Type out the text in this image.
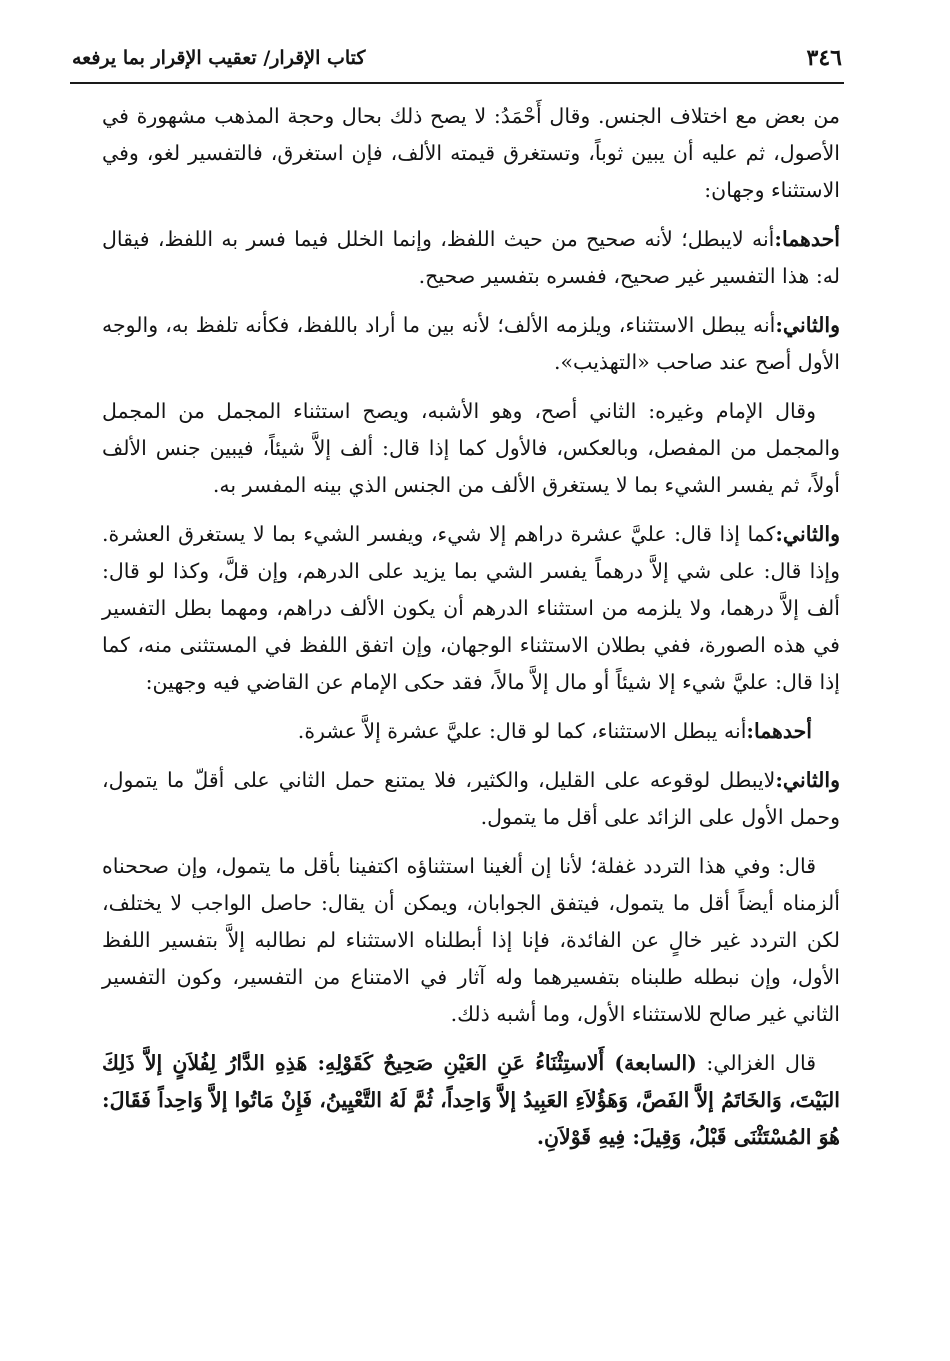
كتاب الإقرار/ تعقيب الإقرار بما يرفعه	٣٤٦

من بعض مع اختلاف الجنس. وقال أَحْمَدُ: لا يصح ذلك بحال وحجة المذهب مشهورة في الأصول، ثم عليه أن يبين ثوباً، وتستغرق قيمته الألف، فإن استغرق، فالتفسير لغو، وفي الاستثناء وجهان:

أحدهما:أنه لايبطل؛ لأنه صحيح من حيث اللفظ، وإنما الخلل فيما فسر به اللفظ، فيقال له: هذا التفسير غير صحيح، ففسره بتفسير صحيح.

والثاني:أنه يبطل الاستثناء، ويلزمه الألف؛ لأنه بين ما أراد باللفظ، فكأنه تلفظ به، والوجه الأول أصح عند صاحب «التهذيب».

وقال الإمام وغيره: الثاني أصح، وهو الأشبه، ويصح استثناء المجمل من المجمل والمجمل من المفصل، وبالعكس، فالأول كما إذا قال: ألف إلاَّ شيئاً، فيبين جنس الألف أولاً، ثم يفسر الشيء بما لا يستغرق الألف من الجنس الذي بينه المفسر به.

والثاني:كما إذا قال: عليَّ عشرة دراهم إلا شيء، ويفسر الشيء بما لا يستغرق العشرة. وإذا قال: على شي إلاَّ درهماً يفسر الشي بما يزيد على الدرهم، وإن قلَّ، وكذا لو قال: ألف إلاَّ درهما، ولا يلزمه من استثناء الدرهم أن يكون الألف دراهم، ومهما بطل التفسير في هذه الصورة، ففي بطلان الاستثناء الوجهان، وإن اتفق اللفظ في المستثنى منه، كما إذا قال: عليَّ شيء إلا شيئاً أو مال إلاَّ مالاً، فقد حكى الإمام عن القاضي فيه وجهين:

أحدهما:أنه يبطل الاستثناء، كما لو قال: عليَّ عشرة إلاَّ عشرة.

والثاني:لايبطل لوقوعه على القليل، والكثير، فلا يمتنع حمل الثاني على أقلّ ما يتمول، وحمل الأول على الزائد على أقل ما يتمول.

قال: وفي هذا التردد غفلة؛ لأنا إن ألغينا استثناؤه اكتفينا بأقل ما يتمول، وإن صححناه ألزمناه أيضاً أقل ما يتمول، فيتفق الجوابان، ويمكن أن يقال: حاصل الواجب لا يختلف، لكن التردد غير خالٍ عن الفائدة، فإنا إذا أبطلناه الاستثناء لم نطالبه إلاَّ بتفسير اللفظ الأول، وإن نبطله طلبناه بتفسيرهما وله آثار في الامتناع من التفسير، وكون التفسير الثاني غير صالح للاستثناء الأول، وما أشبه ذلك.

قال الغزالي: (السابعة) أَلاستِثْنَاءُ عَنِ العَيْنِ صَحِيحٌ كَقَوْلِهِ: هَذِهِ الدَّارُ لِفُلاَنٍ إلاَّ ذَلِكَ البَيْتَ، وَالخَاتَمُ إلاَّ الفَصَّ، وَهَؤُلاَءِ العَبِيدُ إلاَّ وَاحِداً، ثُمَّ لَهُ التَّعْيِينُ، فَإِنْ مَاتُوا إلاَّ وَاحِداً فَقَالَ: هُوَ المُسْتَثْنَى قَبْلُ، وَقِيلَ: فِيهِ قَوْلاَنِ.
